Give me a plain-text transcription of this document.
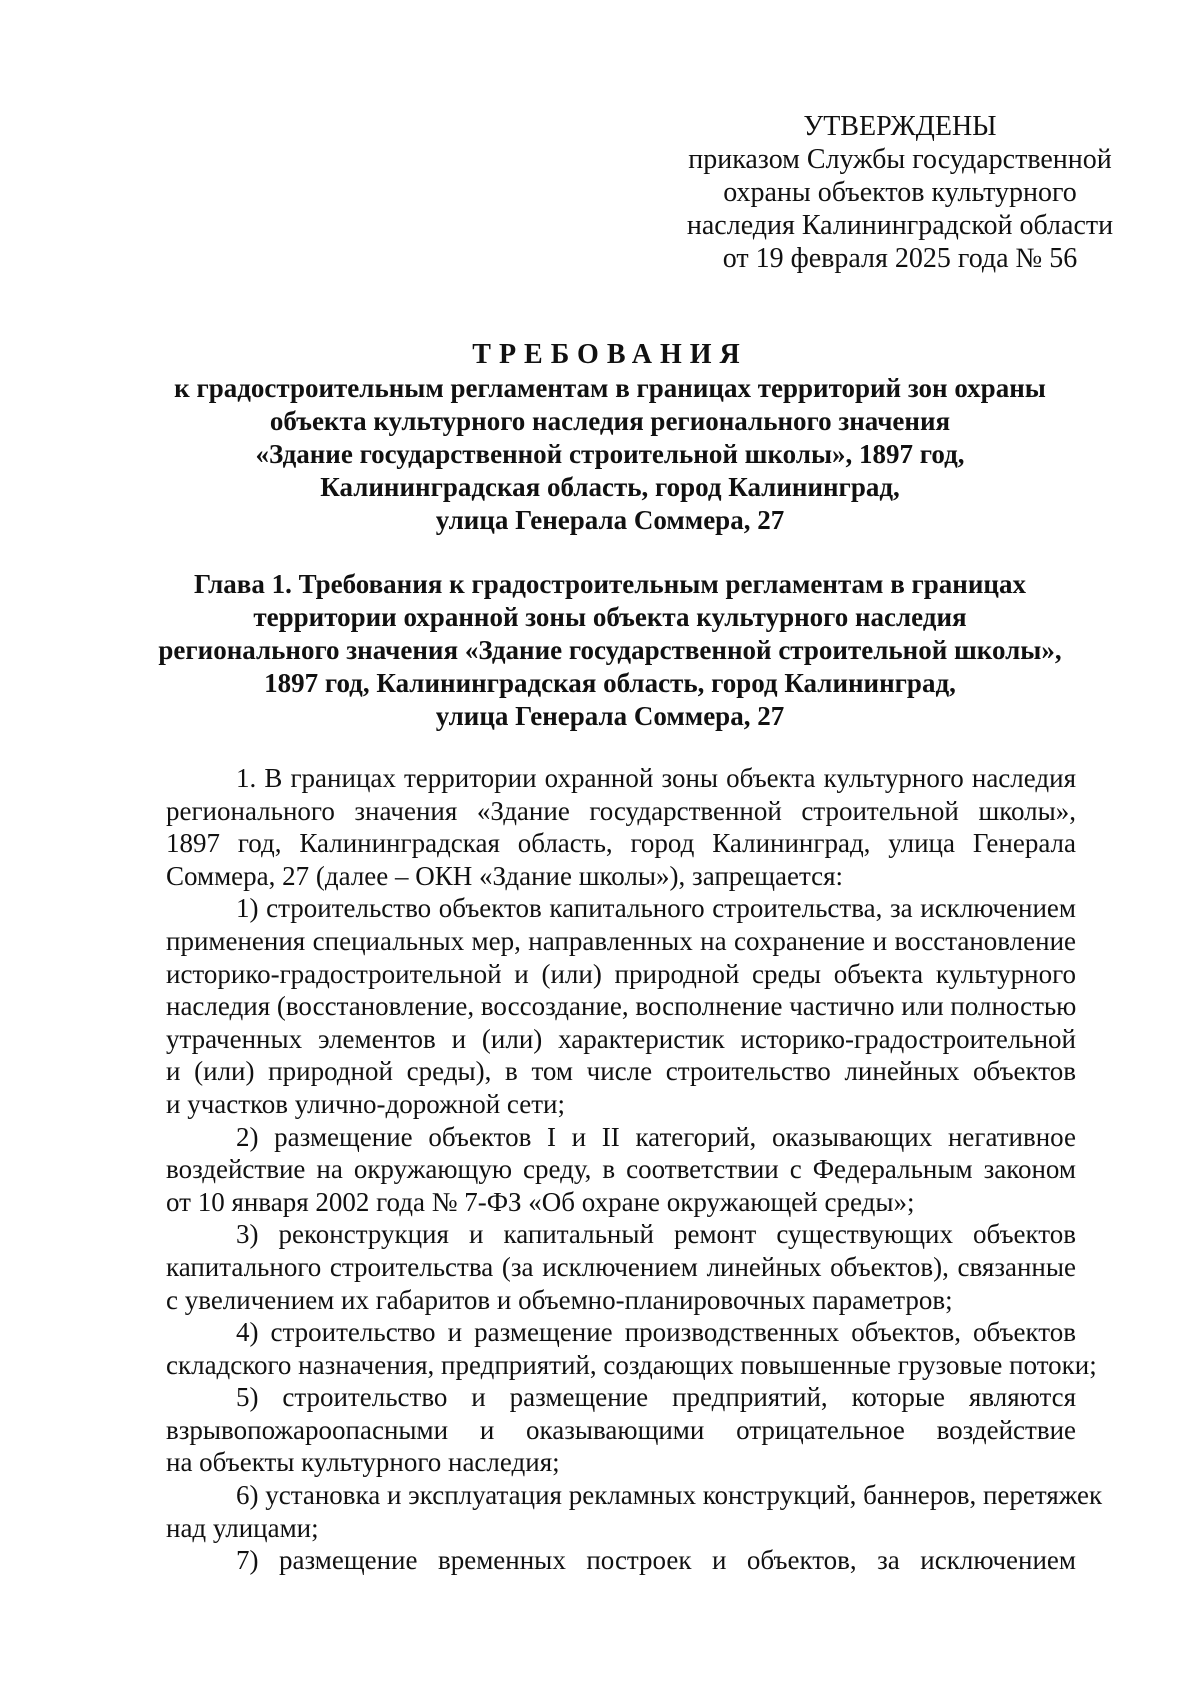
УТВЕРЖДЕНЫ
приказом Службы государственной
охраны объектов культурного
наследия Калининградской области
от 19 февраля 2025 года № 56
ТРЕБОВАНИЯ
к градостроительным регламентам в границах территорий зон охраны
объекта культурного наследия регионального значения
«Здание государственной строительной школы», 1897 год,
Калининградская область, город Калининград,
улица Генерала Соммера, 27
Глава 1. Требования к градостроительным регламентам в границах
территории охранной зоны объекта культурного наследия
регионального значения «Здание государственной строительной школы»,
1897 год, Калининградская область, город Калининград,
улица Генерала Соммера, 27
1. В границах территории охранной зоны объекта культурного наследия
регионального значения «Здание государственной строительной школы»,
1897 год, Калининградская область, город Калининград, улица Генерала
Соммера, 27 (далее – ОКН «Здание школы»), запрещается:
1) строительство объектов капитального строительства, за исключением
применения специальных мер, направленных на сохранение и восстановление
историко-градостроительной и (или) природной среды объекта культурного
наследия (восстановление, воссоздание, восполнение частично или полностью
утраченных элементов и (или) характеристик историко-градостроительной
и (или) природной среды), в том числе строительство линейных объектов
и участков улично-дорожной сети;
2) размещение объектов I и II категорий, оказывающих негативное
воздействие на окружающую среду, в соответствии с Федеральным законом
от 10 января 2002 года № 7-ФЗ «Об охране окружающей среды»;
3) реконструкция и капитальный ремонт существующих объектов
капитального строительства (за исключением линейных объектов), связанные
с увеличением их габаритов и объемно-планировочных параметров;
4) строительство и размещение производственных объектов, объектов
складского назначения, предприятий, создающих повышенные грузовые потоки;
5) строительство и размещение предприятий, которые являются
взрывопожароопасными и оказывающими отрицательное воздействие
на объекты культурного наследия;
6) установка и эксплуатация рекламных конструкций, баннеров, перетяжек
над улицами;
7) размещение временных построек и объектов, за исключением
